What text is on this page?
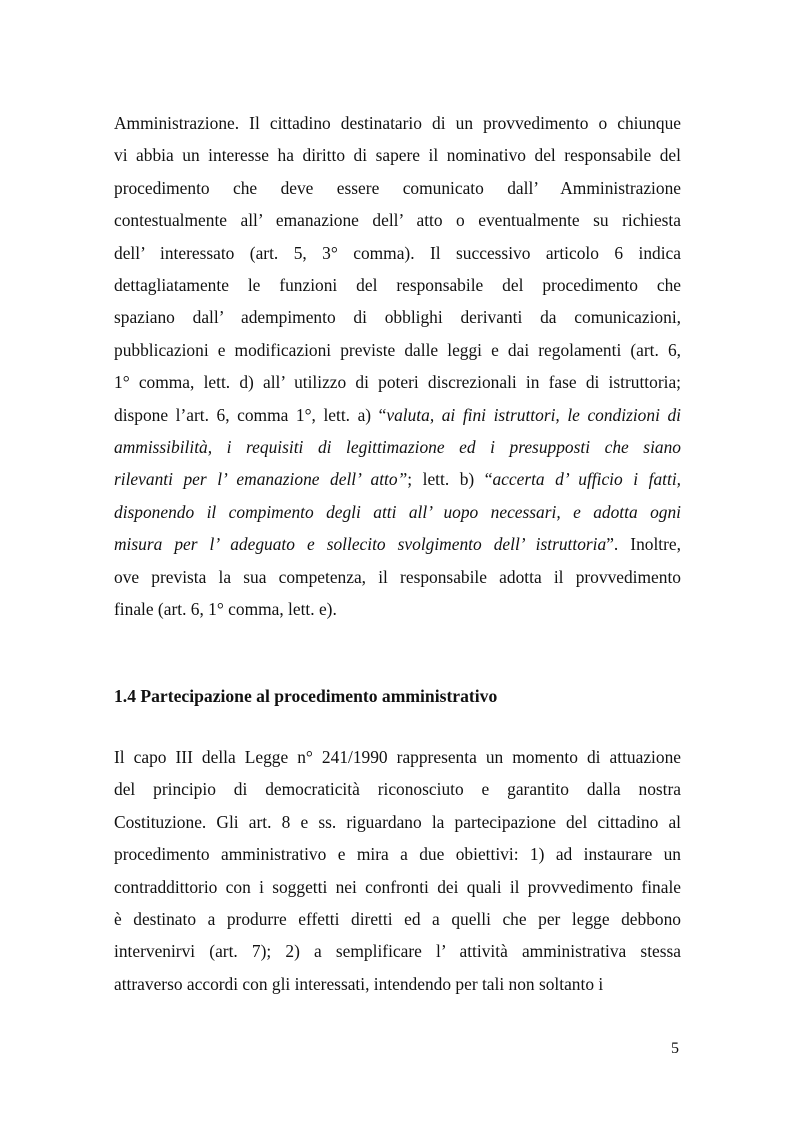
Amministrazione. Il cittadino destinatario di un provvedimento o chiunque
vi abbia un interesse ha diritto di sapere il nominativo del responsabile del
procedimento che deve essere comunicato dall’ Amministrazione
contestualmente all’ emanazione dell’ atto o eventualmente su richiesta
dell’ interessato (art. 5, 3° comma). Il successivo articolo 6 indica
dettagliatamente le funzioni del responsabile del procedimento che
spaziano dall’ adempimento di obblighi derivanti da comunicazioni,
pubblicazioni e modificazioni previste dalle leggi e dai regolamenti (art. 6,
1° comma, lett. d) all’ utilizzo di poteri discrezionali in fase di istruttoria;
dispone l’art. 6, comma 1°, lett. a) “valuta, ai fini istruttori, le condizioni di
ammissibilità, i requisiti di legittimazione ed i presupposti che siano
rilevanti per l’ emanazione dell’ atto”; lett. b) “accerta d’ ufficio i fatti,
disponendo il compimento degli atti all’ uopo necessari, e adotta ogni
misura per l’ adeguato e sollecito svolgimento dell’ istruttoria”. Inoltre,
ove prevista la sua competenza, il responsabile adotta il provvedimento
finale (art. 6, 1° comma, lett. e).
1.4 Partecipazione al procedimento amministrativo
Il capo III della Legge n° 241/1990 rappresenta un momento di attuazione
del principio di democraticità riconosciuto e garantito dalla nostra
Costituzione. Gli art. 8 e ss. riguardano la partecipazione del cittadino al
procedimento amministrativo e mira a due obiettivi: 1) ad instaurare un
contraddittorio con i soggetti nei confronti dei quali il provvedimento finale
è destinato a produrre effetti diretti ed a quelli che per legge debbono
intervenirvi (art. 7); 2) a semplificare l’ attività amministrativa stessa
attraverso accordi con gli interessati, intendendo per tali non soltanto i
5
